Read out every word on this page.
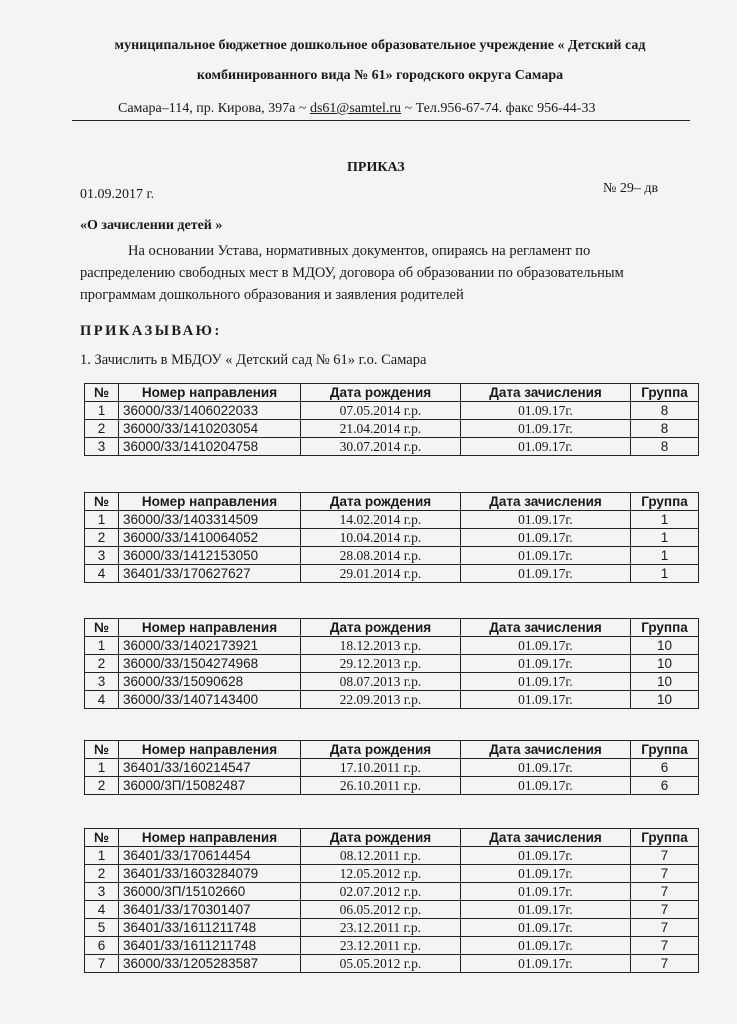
муниципальное бюджетное дошкольное образовательное учреждение « Детский сад
комбинированного вида № 61» городского округа Самара
Самара–114, пр. Кирова, 397а ~ ds61@samtel.ru ~ Тел.956-67-74. факс 956-44-33
ПРИКАЗ
01.09.2017 г.	№ 29– дв
«О зачислении детей »
На основании Устава, нормативных документов, опираясь на регламент по распределению свободных мест в МДОУ, договора об образовании по образовательным программам дошкольного образования и заявления родителей
ПРИКАЗЫВАЮ:
1. Зачислить в МБДОУ « Детский сад № 61» г.о. Самара
№	Номер направления	Дата рождения	Дата зачисления	Группа
1	36000/33/1406022033	07.05.2014 г.р.	01.09.17г.	8
2	36000/33/1410203054	21.04.2014 г.р.	01.09.17г.	8
3	36000/33/1410204758	30.07.2014 г.р.	01.09.17г.	8
№	Номер направления	Дата рождения	Дата зачисления	Группа
1	36000/33/1403314509	14.02.2014 г.р.	01.09.17г.	1
2	36000/33/1410064052	10.04.2014 г.р.	01.09.17г.	1
3	36000/33/1412153050	28.08.2014 г.р.	01.09.17г.	1
4	36401/33/170627627	29.01.2014 г.р.	01.09.17г.	1
№	Номер направления	Дата рождения	Дата зачисления	Группа
1	36000/33/1402173921	18.12.2013 г.р.	01.09.17г.	10
2	36000/33/1504274968	29.12.2013 г.р.	01.09.17г.	10
3	36000/33/15090628	08.07.2013 г.р.	01.09.17г.	10
4	36000/33/1407143400	22.09.2013 г.р.	01.09.17г.	10
№	Номер направления	Дата рождения	Дата зачисления	Группа
1	36401/33/160214547	17.10.2011 г.р.	01.09.17г.	6
2	36000/3П/15082487	26.10.2011 г.р.	01.09.17г.	6
№	Номер направления	Дата рождения	Дата зачисления	Группа
1	36401/33/170614454	08.12.2011 г.р.	01.09.17г.	7
2	36401/33/1603284079	12.05.2012 г.р.	01.09.17г.	7
3	36000/3П/15102660	02.07.2012 г.р.	01.09.17г.	7
4	36401/33/170301407	06.05.2012 г.р.	01.09.17г.	7
5	36401/33/1611211748	23.12.2011 г.р.	01.09.17г.	7
6	36401/33/1611211748	23.12.2011 г.р.	01.09.17г.	7
7	36000/33/1205283587	05.05.2012 г.р.	01.09.17г.	7
